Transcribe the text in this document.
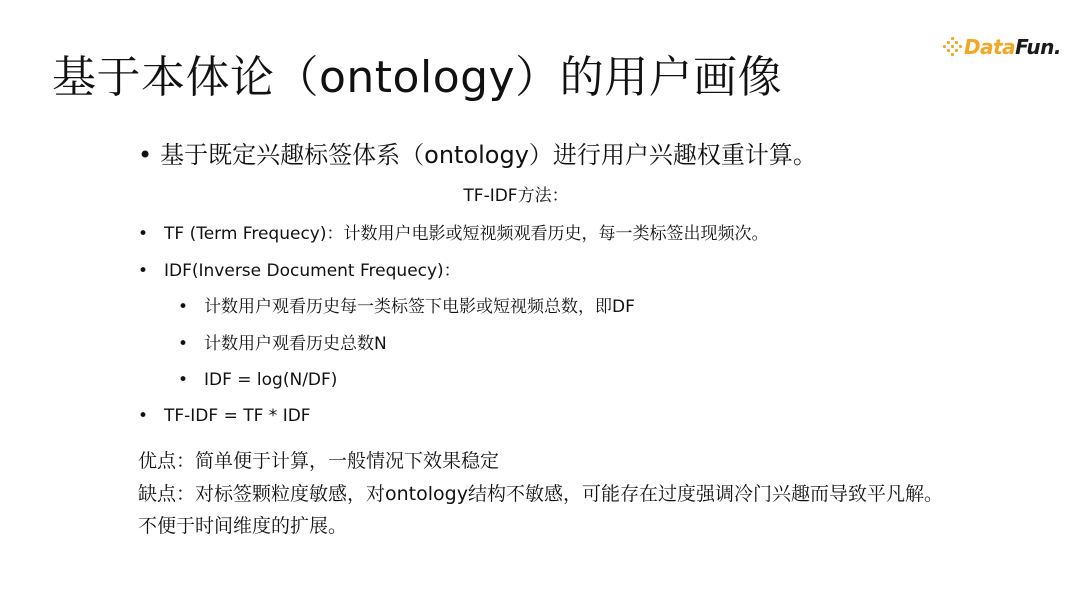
基于本体论（ontology）的用户画像
DataFun.
• 基于既定兴趣标签体系（ontology）进行用户兴趣权重计算。
TF-IDF方法：
• TF (Term Frequecy)：计数用户电影或短视频观看历史，每一类标签出现频次。
• IDF(Inverse Document Frequecy)：
• 计数用户观看历史每一类标签下电影或短视频总数，即DF
• 计数用户观看历史总数N
• IDF = log(N/DF)
• TF-IDF = TF * IDF
优点：简单便于计算，一般情况下效果稳定
缺点：对标签颗粒度敏感，对ontology结构不敏感，可能存在过度强调冷门兴趣而导致平凡解。
不便于时间维度的扩展。
